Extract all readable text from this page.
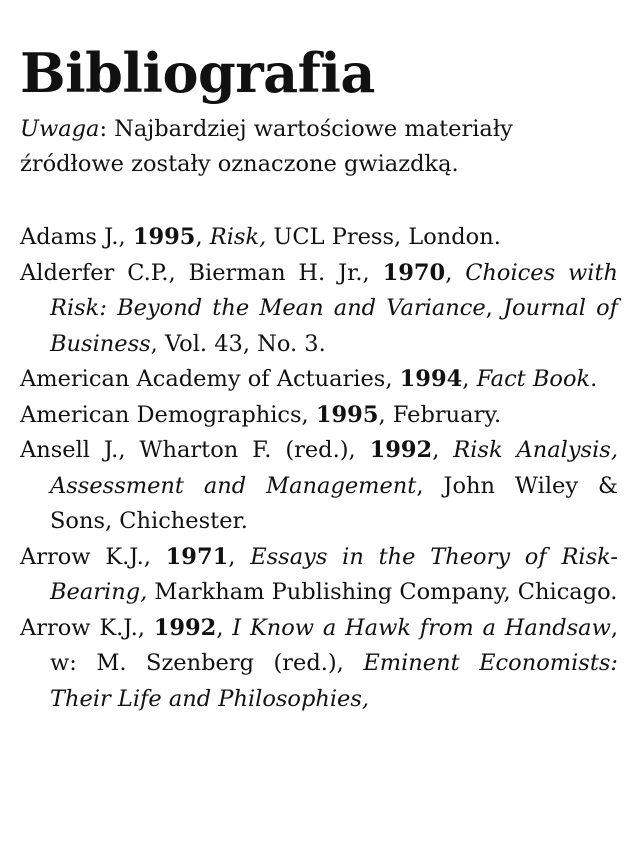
Bibliografia

Uwaga: Najbardziej wartościowe materiały źródłowe zostały oznaczone gwiazdką.

Adams J., 1995, Risk, UCL Press, London.
Alderfer C.P., Bierman H. Jr., 1970, Choices with Risk: Beyond the Mean and Variance, Journal of Business, Vol. 43, No. 3.
American Academy of Actuaries, 1994, Fact Book.
American Demographics, 1995, February.
Ansell J., Wharton F. (red.), 1992, Risk Analysis, Assessment and Management, John Wiley & Sons, Chichester.
Arrow K.J., 1971, Essays in the Theory of Risk-Bearing, Markham Publishing Company, Chicago.
Arrow K.J., 1992, I Know a Hawk from a Handsaw, w: M. Szenberg (red.), Eminent Economists: Their Life and Philosophies,
